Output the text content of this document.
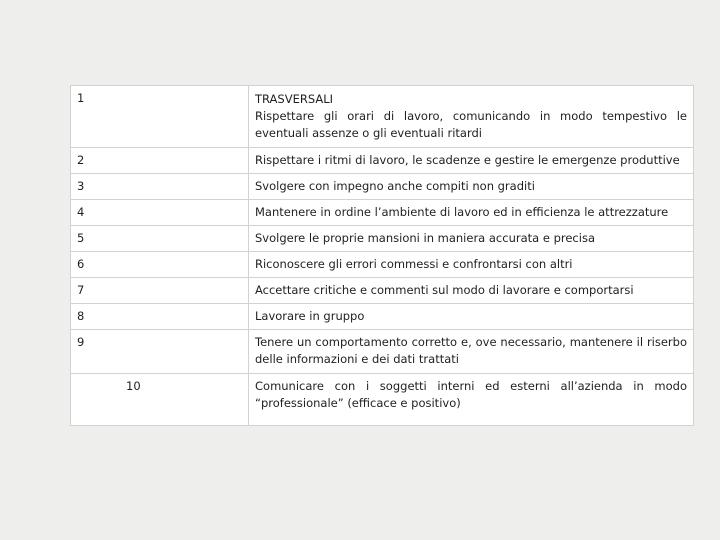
1	TRASVERSALI
Rispettare gli orari di lavoro, comunicando in modo tempestivo le eventuali assenze o gli eventuali ritardi
2	Rispettare i ritmi di lavoro, le scadenze e gestire le emergenze produttive
3	Svolgere con impegno anche compiti non graditi
4	Mantenere in ordine l’ambiente di lavoro ed in efficienza le attrezzature
5	Svolgere le proprie mansioni in maniera accurata e precisa
6	Riconoscere gli errori commessi e confrontarsi con altri
7	Accettare critiche e commenti sul modo di lavorare e comportarsi
8	Lavorare in gruppo
9	Tenere un comportamento corretto e, ove necessario, mantenere il riserbo delle informazioni e dei dati trattati
10	Comunicare con i soggetti interni ed esterni all’azienda in modo “professionale” (efficace e positivo)
